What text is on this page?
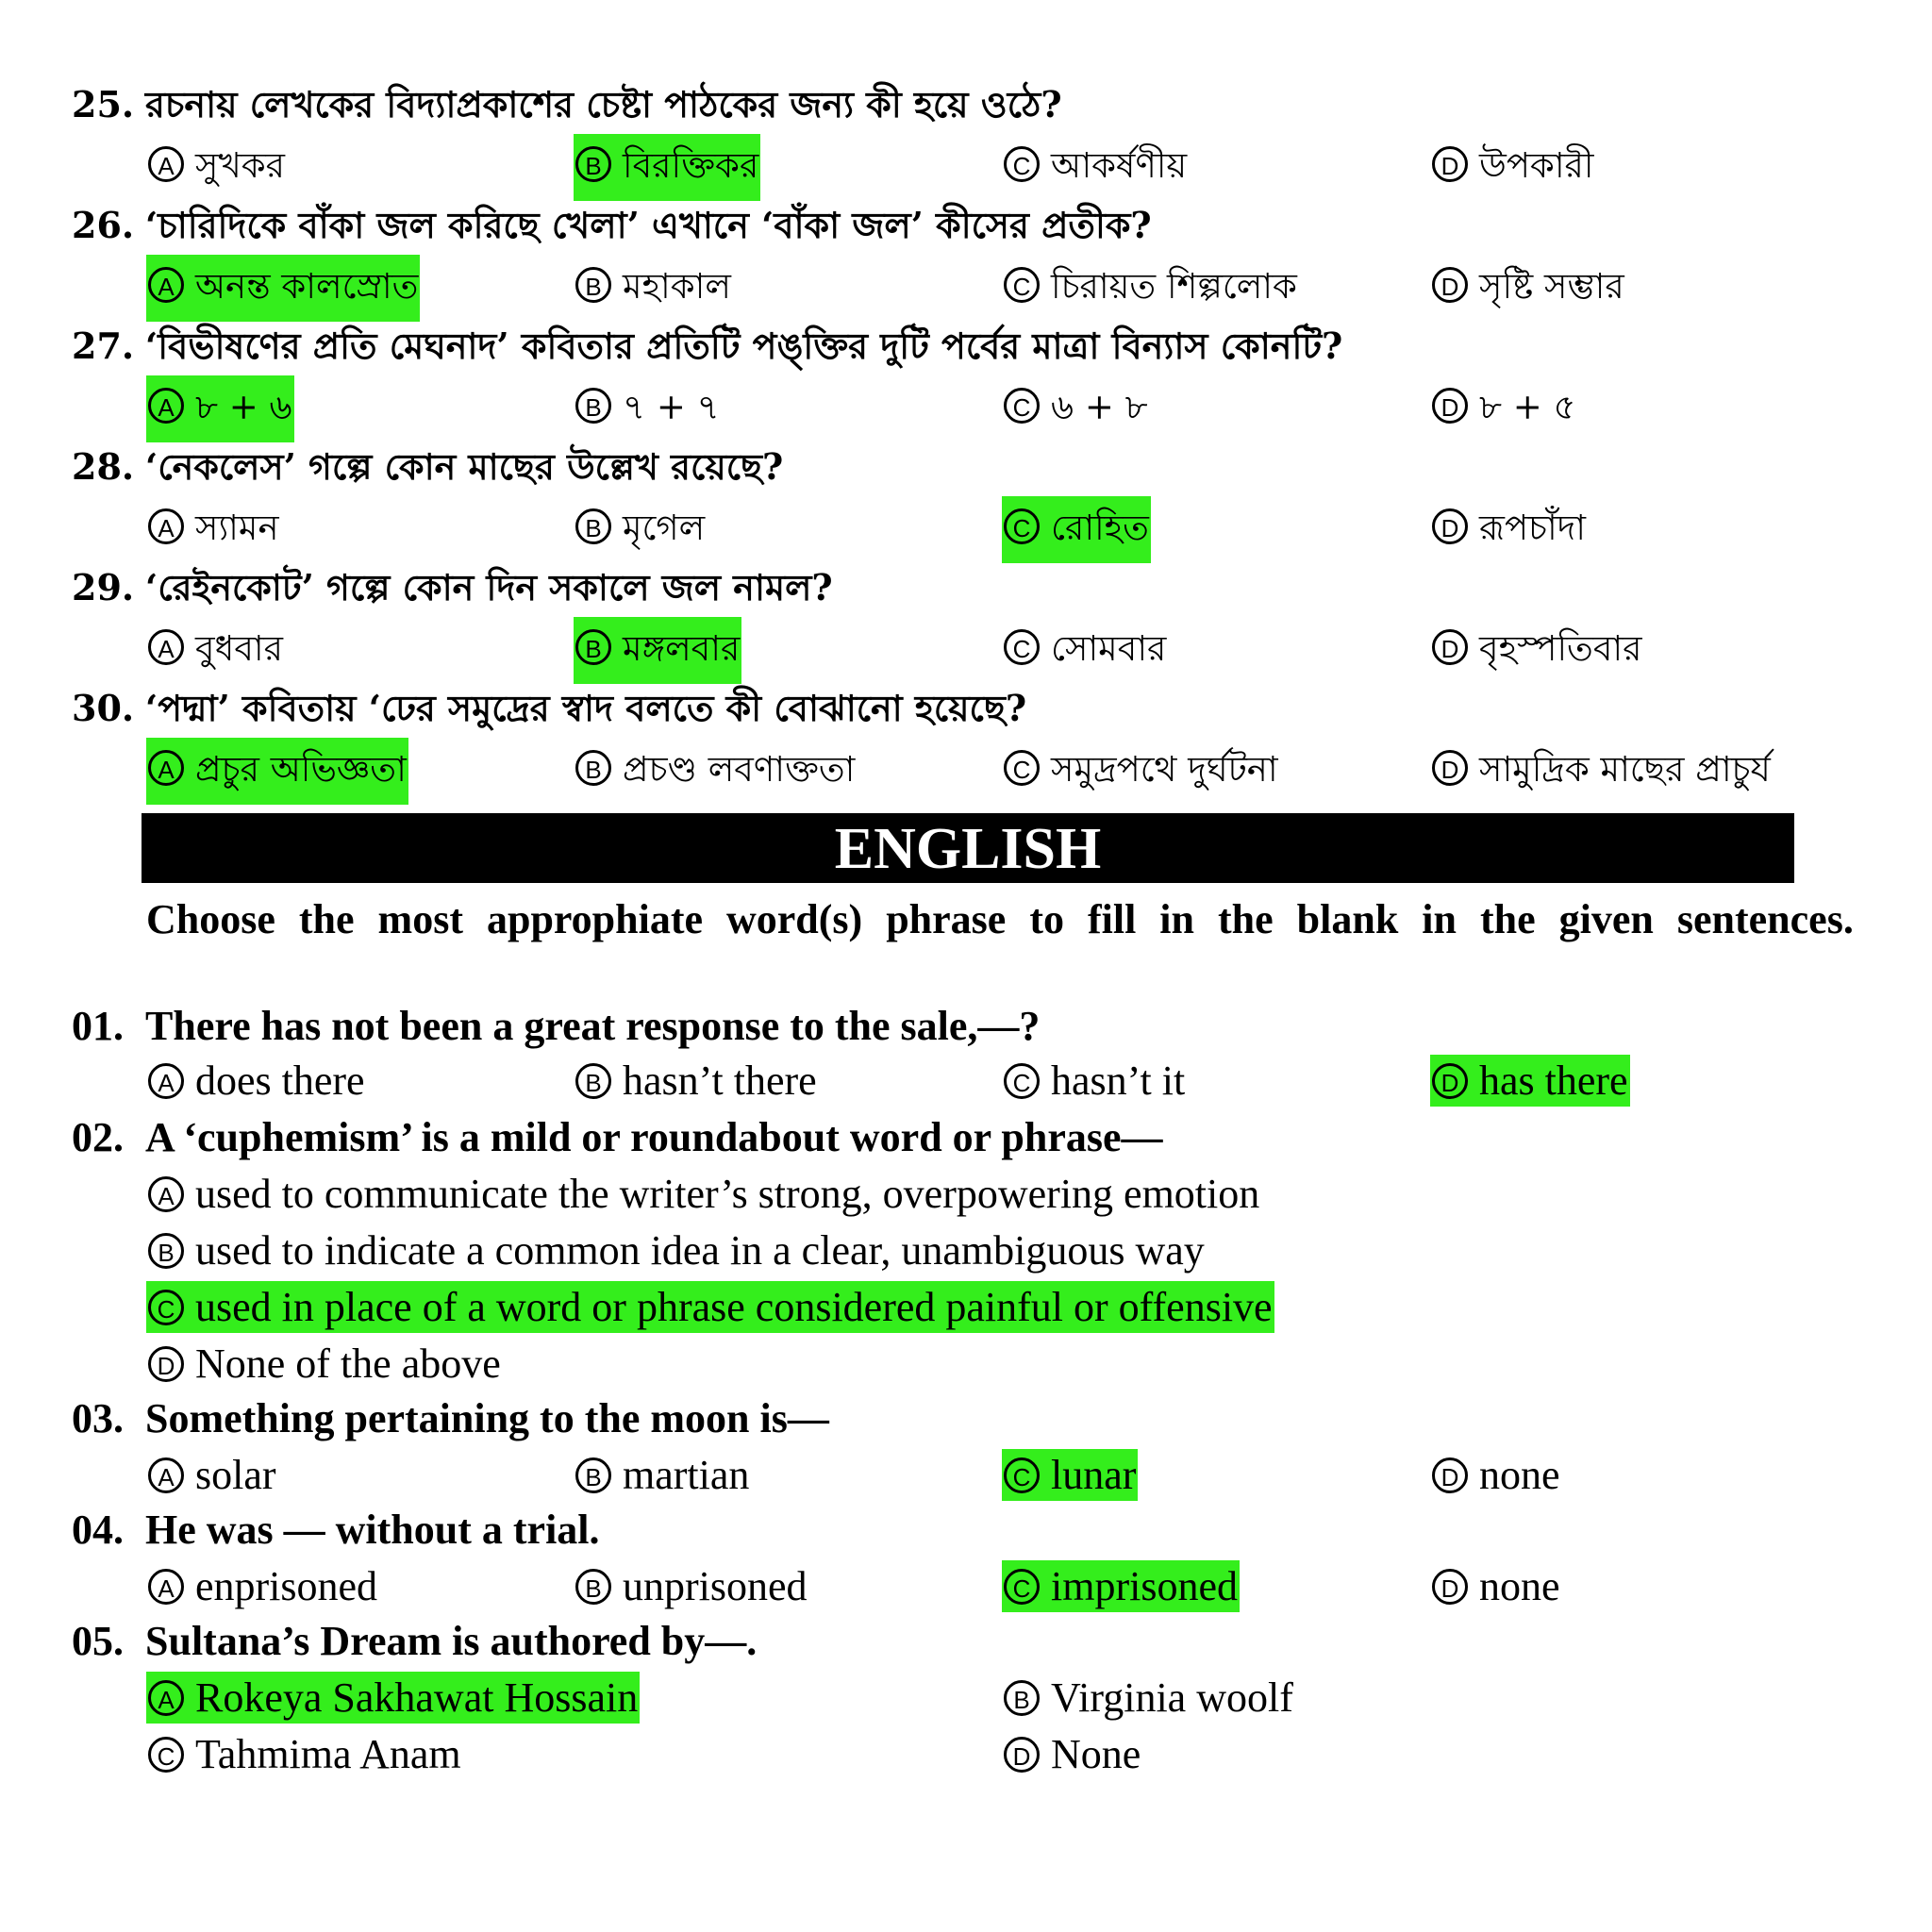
25. রচনায় লেখকের বিদ্যাপ্রকাশের চেষ্টা পাঠকের জন্য কী হয়ে ওঠে?
A সুখকর	B বিরক্তিকর	C আকর্ষণীয়	D উপকারী
26. ‘চারিদিকে বাঁকা জল করিছে খেলা’ এখানে ‘বাঁকা জল’ কীসের প্রতীক?
A অনন্ত কালস্রোত	B মহাকাল	C চিরায়ত শিল্পলোক	D সৃষ্টি সম্ভার
27. ‘বিভীষণের প্রতি মেঘনাদ’ কবিতার প্রতিটি পঙ্‌ক্তির দুটি পর্বের মাত্রা বিন্যাস কোনটি?
A ৮ + ৬	B ৭ + ৭	C ৬ + ৮	D ৮ + ৫
28. ‘নেকলেস’ গল্পে কোন মাছের উল্লেখ রয়েছে?
A স্যামন	B মৃগেল	C রোহিত	D রূপচাঁদা
29. ‘রেইনকোট’ গল্পে কোন দিন সকালে জল নামল?
A বুধবার	B মঙ্গলবার	C সোমবার	D বৃহস্পতিবার
30. ‘পদ্মা’ কবিতায় ‘ঢের সমুদ্রের স্বাদ বলতে কী বোঝানো হয়েছে?
A প্রচুর অভিজ্ঞতা	B প্রচণ্ড লবণাক্ততা	C সমুদ্রপথে দুর্ঘটনা	D সামুদ্রিক মাছের প্রাচুর্য
ENGLISH
Choose the most approphiate word(s) phrase to fill in the blank in the given sentences.
01. There has not been a great response to the sale,—?
A does there	B hasn’t there	C hasn’t it	D has there
02. A ‘cuphemism’ is a mild or roundabout word or phrase—
A used to communicate the writer’s strong, overpowering emotion
B used to indicate a common idea in a clear, unambiguous way
C used in place of a word or phrase considered painful or offensive
D None of the above
03. Something pertaining to the moon is—
A solar	B martian	C lunar	D none
04. He was — without a trial.
A enprisoned	B unprisoned	C imprisoned	D none
05. Sultana’s Dream is authored by—.
A Rokeya Sakhawat Hossain	B Virginia woolf
C Tahmima Anam	D None
